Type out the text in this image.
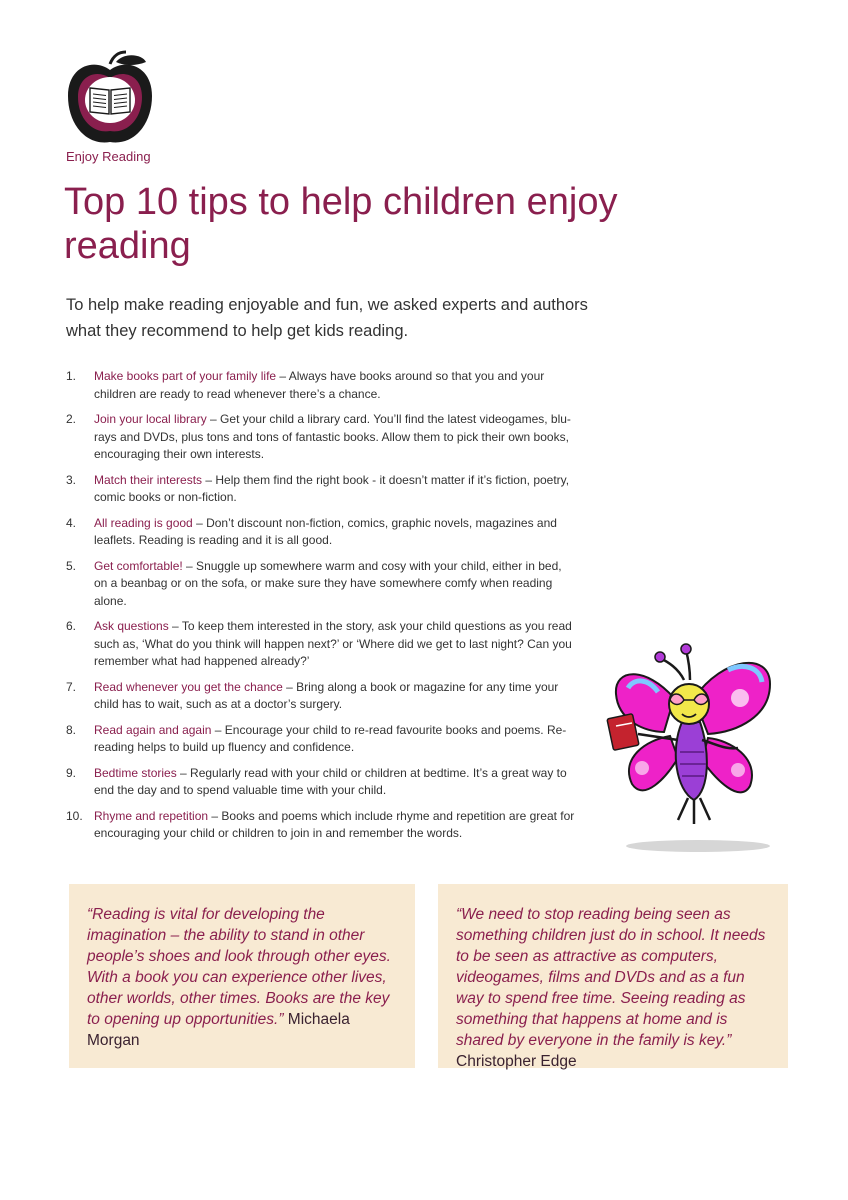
Enjoy Reading
Top 10 tips to help children enjoy reading

To help make reading enjoyable and fun, we asked experts and authors what they recommend to help get kids reading.

1. Make books part of your family life – Always have books around so that you and your children are ready to read whenever there’s a chance.
2. Join your local library – Get your child a library card. You’ll find the latest videogames, blu-rays and DVDs, plus tons and tons of fantastic books. Allow them to pick their own books, encouraging their own interests.
3. Match their interests – Help them find the right book - it doesn’t matter if it’s fiction, poetry, comic books or non-fiction.
4. All reading is good – Don’t discount non-fiction, comics, graphic novels, magazines and leaflets. Reading is reading and it is all good.
5. Get comfortable! – Snuggle up somewhere warm and cosy with your child, either in bed, on a beanbag or on the sofa, or make sure they have somewhere comfy when reading alone.
6. Ask questions – To keep them interested in the story, ask your child questions as you read such as, ‘What do you think will happen next?’ or ‘Where did we get to last night? Can you remember what had happened already?’
7. Read whenever you get the chance – Bring along a book or magazine for any time your child has to wait, such as at a doctor’s surgery.
8. Read again and again – Encourage your child to re-read favourite books and poems. Re-reading helps to build up fluency and confidence.
9. Bedtime stories – Regularly read with your child or children at bedtime. It’s a great way to end the day and to spend valuable time with your child.
10. Rhyme and repetition – Books and poems which include rhyme and repetition are great for encouraging your child or children to join in and remember the words.
“Reading is vital for developing the imagination – the ability to stand in other people’s shoes and look through other eyes. With a book you can experience other lives, other worlds, other times. Books are the key to opening up opportunities.” Michaela Morgan
“We need to stop reading being seen as something children just do in school. It needs to be seen as attractive as computers, videogames, films and DVDs and as a fun way to spend free time. Seeing reading as something that happens at home and is shared by everyone in the family is key.” Christopher Edge
